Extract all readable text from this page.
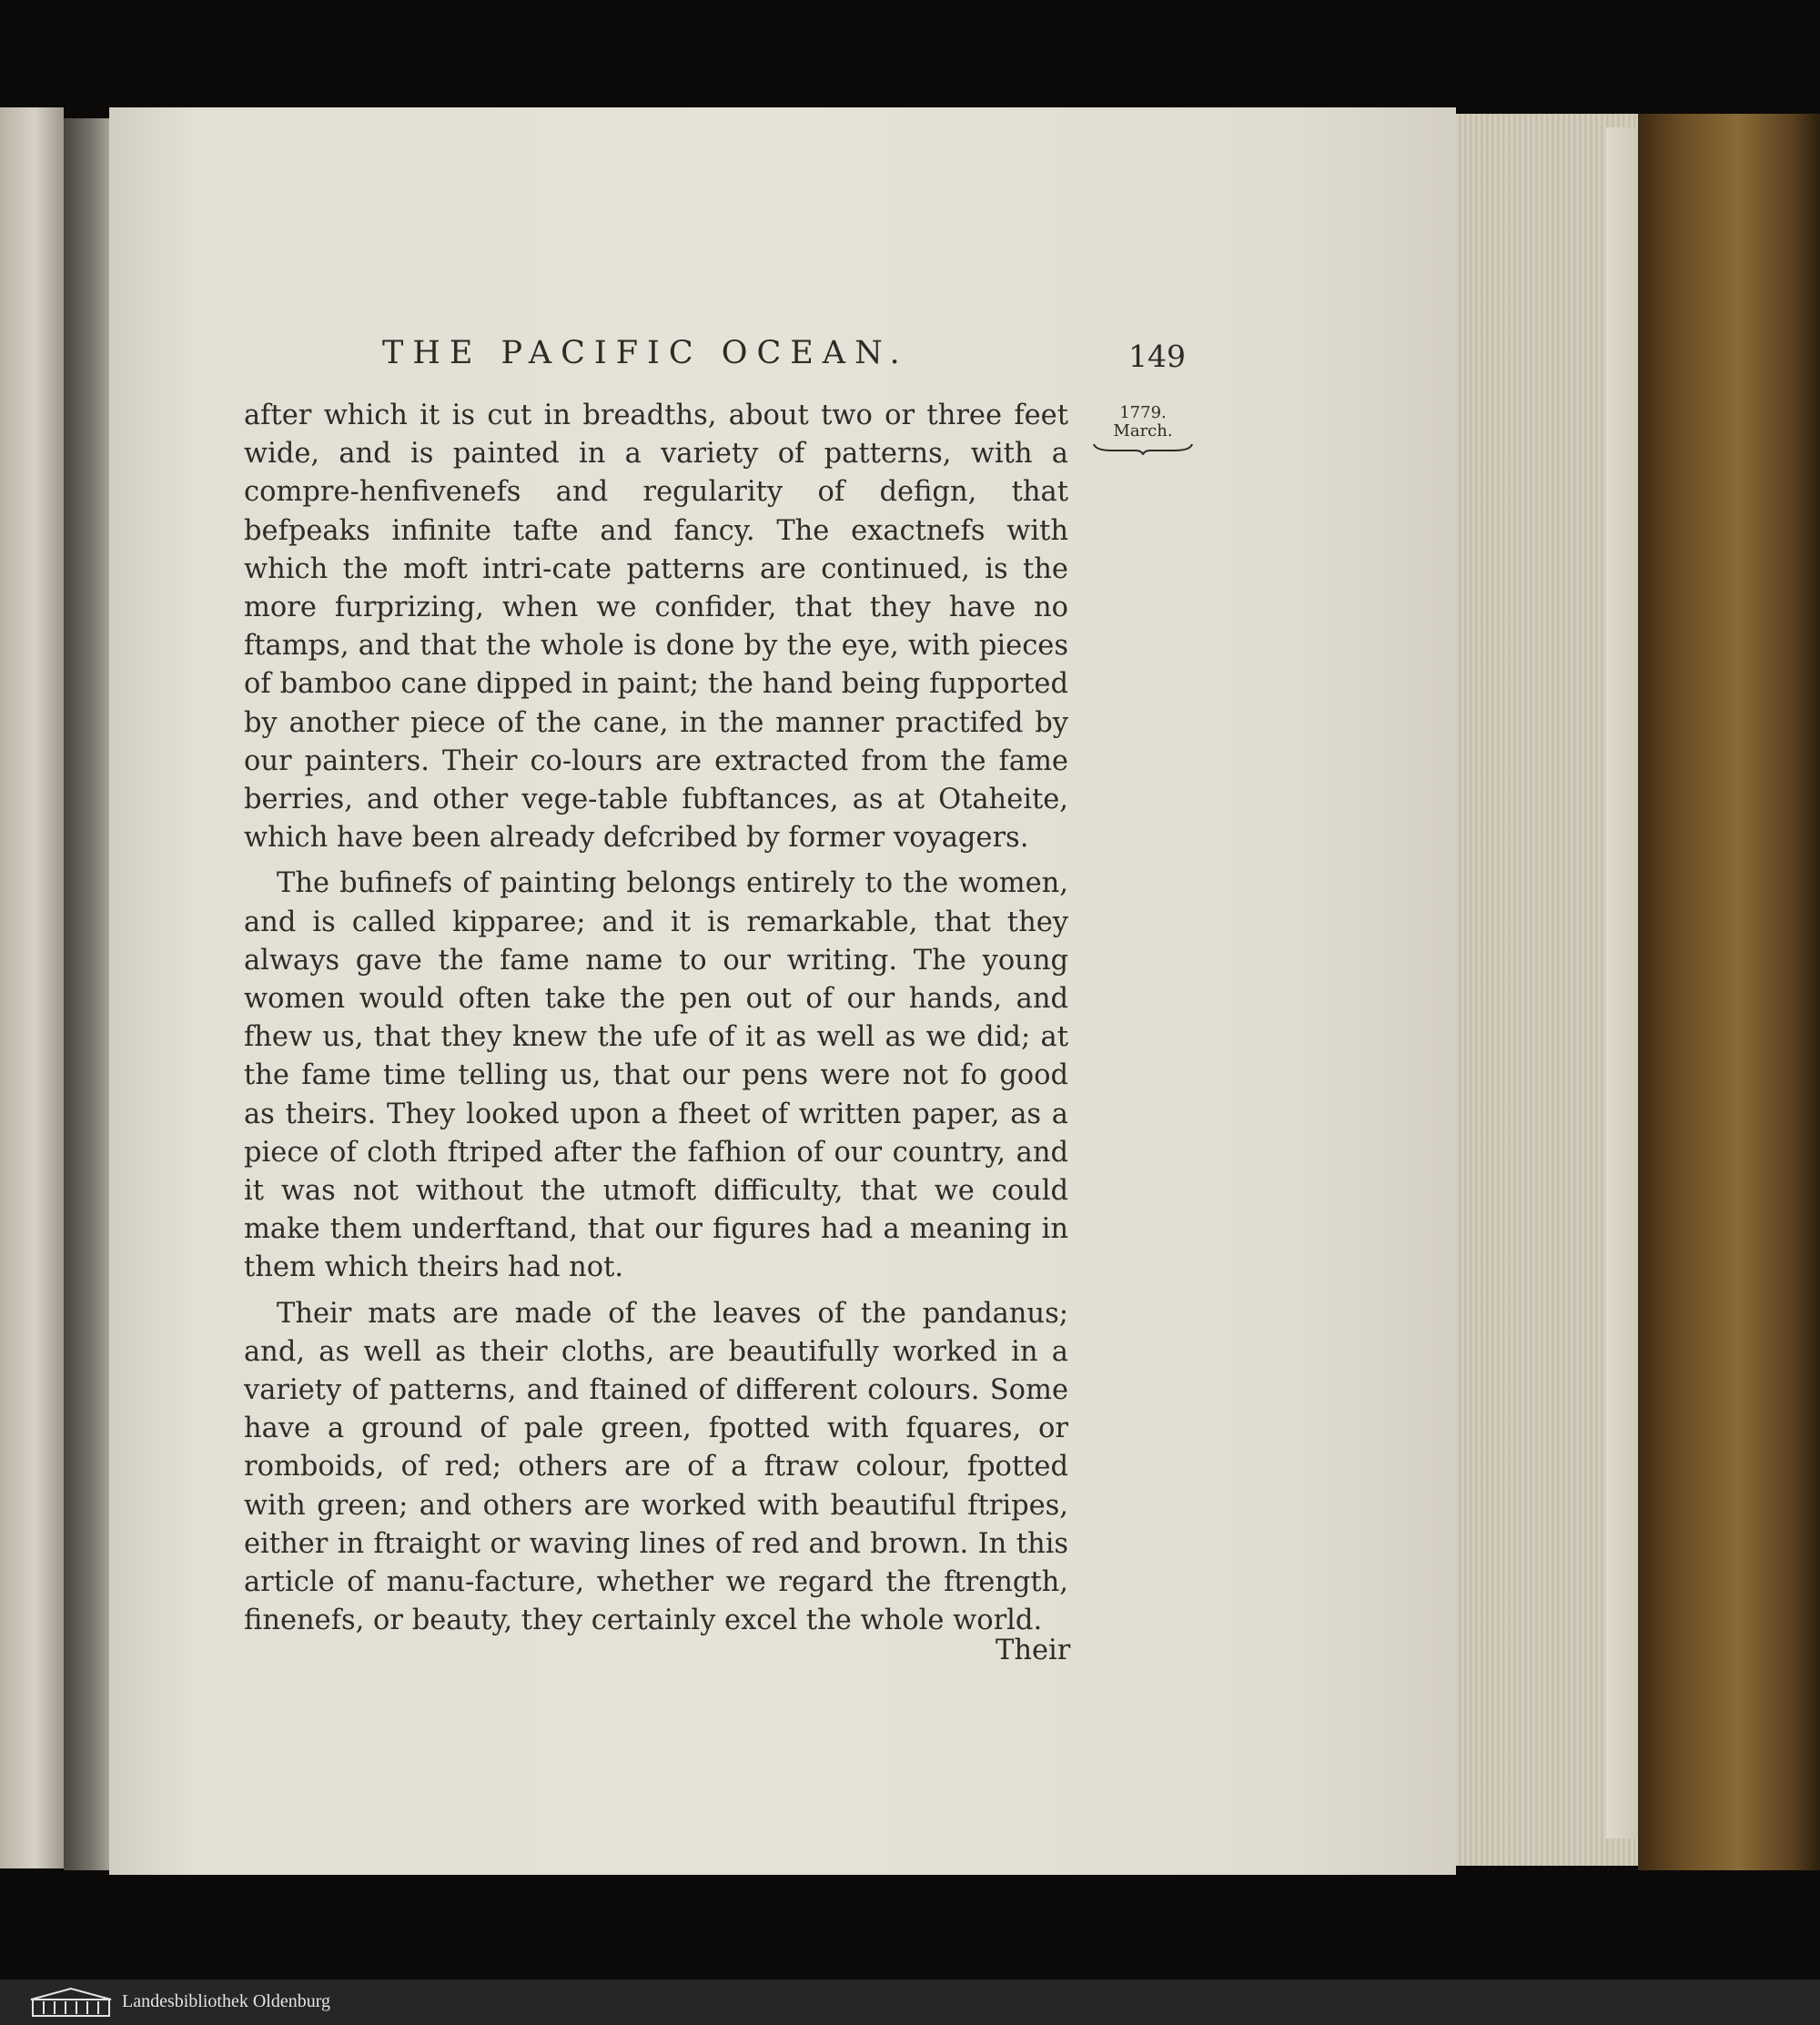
THE PACIFIC OCEAN.	149
1779.
March.

after which it is cut in breadths, about two or three feet wide, and is painted in a variety of patterns, with a compre-henfivenefs and regularity of defign, that befpeaks infinite tafte and fancy. The exactnefs with which the moft intri-cate patterns are continued, is the more furprizing, when we confider, that they have no ftamps, and that the whole is done by the eye, with pieces of bamboo cane dipped in paint; the hand being fupported by another piece of the cane, in the manner practifed by our painters. Their co-lours are extracted from the fame berries, and other vege-table fubftances, as at Otaheite, which have been already defcribed by former voyagers.

The bufinefs of painting belongs entirely to the women, and is called kipparee; and it is remarkable, that they always gave the fame name to our writing. The young women would often take the pen out of our hands, and fhew us, that they knew the ufe of it as well as we did; at the fame time telling us, that our pens were not fo good as theirs. They looked upon a fheet of written paper, as a piece of cloth ftriped after the fafhion of our country, and it was not without the utmoft difficulty, that we could make them underftand, that our figures had a meaning in them which theirs had not.

Their mats are made of the leaves of the pandanus; and, as well as their cloths, are beautifully worked in a variety of patterns, and ftained of different colours. Some have a ground of pale green, fpotted with fquares, or romboids, of red; others are of a ftraw colour, fpotted with green; and others are worked with beautiful ftripes, either in ftraight or waving lines of red and brown. In this article of manu-facture, whether we regard the ftrength, finenefs, or beauty, they certainly excel the whole world.

Their
Landesbibliothek Oldenburg
